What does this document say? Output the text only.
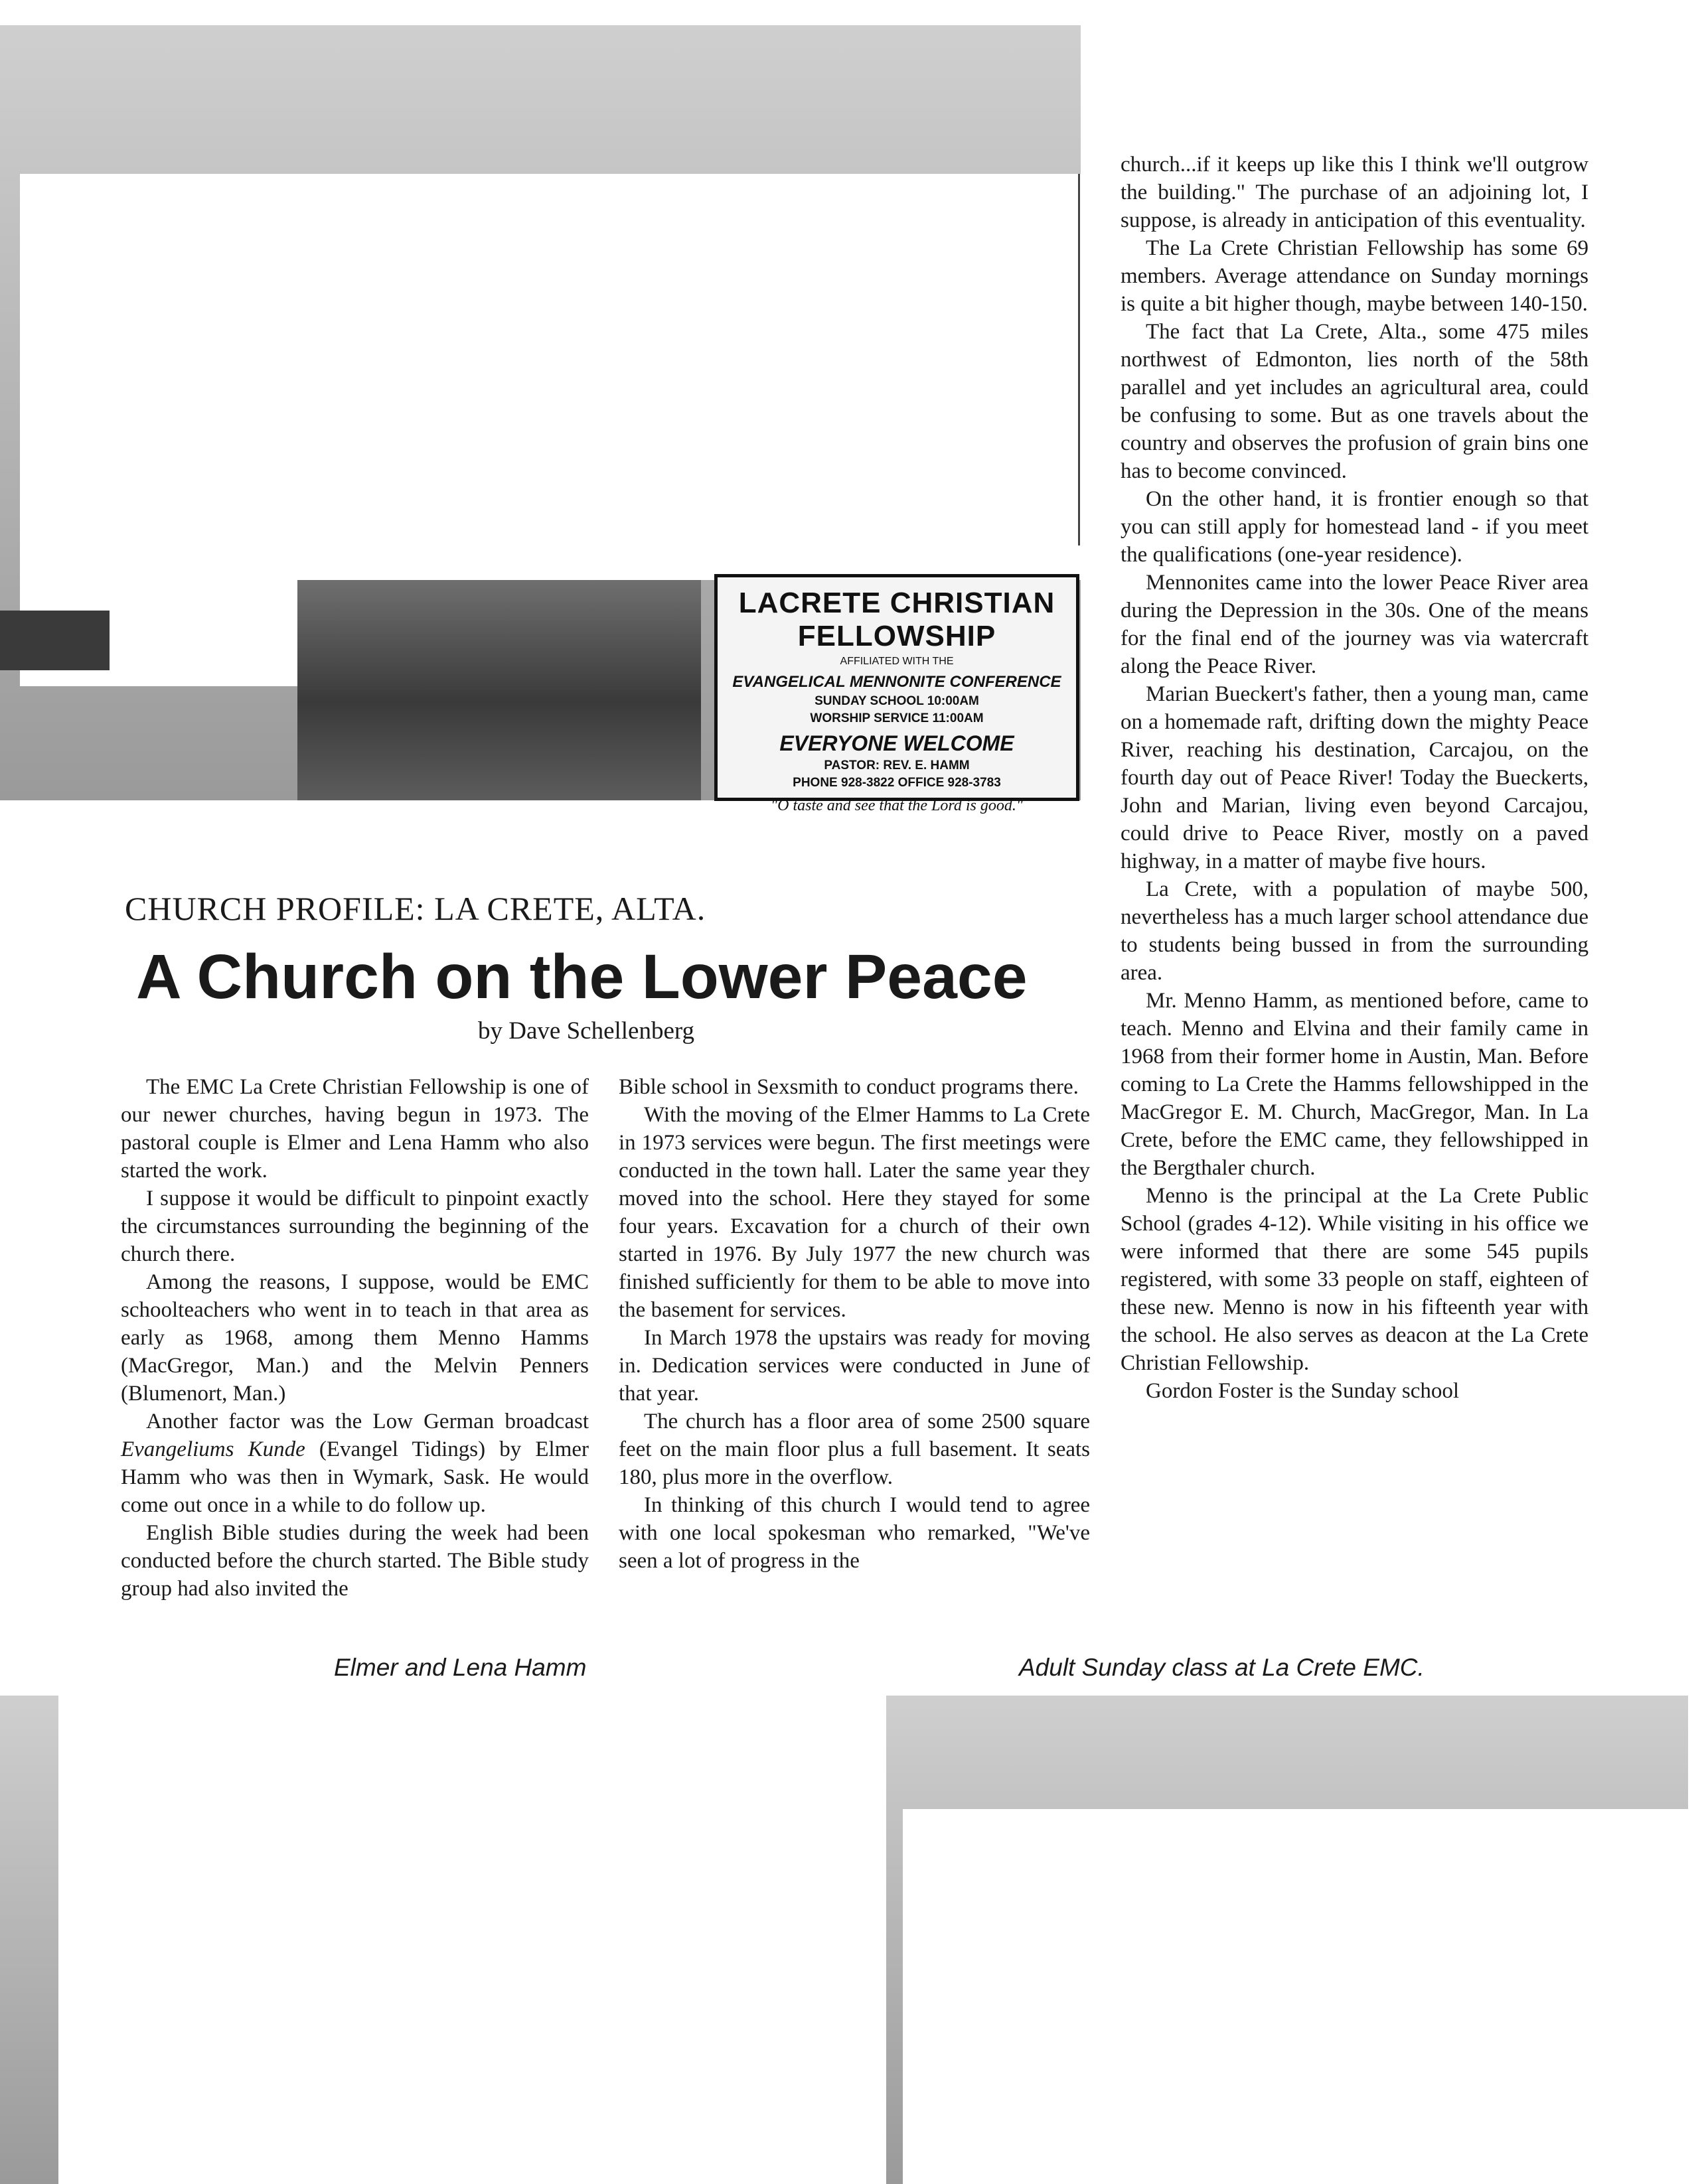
LACRETE CHRISTIAN FELLOWSHIP
AFFILIATED WITH THE
EVANGELICAL MENNONITE CONFERENCE
SUNDAY SCHOOL 10:00AM
WORSHIP SERVICE 11:00AM
EVERYONE WELCOME
PASTOR: REV. E. HAMM
PHONE 928-3822 OFFICE 928-3783
"O taste and see that the Lord is good."
CHURCH PROFILE: LA CRETE, ALTA.
A Church on the Lower Peace
by Dave Schellenberg

The EMC La Crete Christian Fellowship is one of our newer churches, having begun in 1973. The pastoral couple is Elmer and Lena Hamm who also started the work.

I suppose it would be difficult to pinpoint exactly the circumstances surrounding the beginning of the church there.

Among the reasons, I suppose, would be EMC schoolteachers who went in to teach in that area as early as 1968, among them Menno Hamms (MacGregor, Man.) and the Melvin Penners (Blumenort, Man.)

Another factor was the Low German broadcast Evangeliums Kunde (Evangel Tidings) by Elmer Hamm who was then in Wymark, Sask. He would come out once in a while to do follow up.

English Bible studies during the week had been conducted before the church started. The Bible study group had also invited the

Bible school in Sexsmith to conduct programs there.

With the moving of the Elmer Hamms to La Crete in 1973 services were begun. The first meetings were conducted in the town hall. Later the same year they moved into the school. Here they stayed for some four years. Excavation for a church of their own started in 1976. By July 1977 the new church was finished sufficiently for them to be able to move into the basement for services.

In March 1978 the upstairs was ready for moving in. Dedication services were conducted in June of that year.

The church has a floor area of some 2500 square feet on the main floor plus a full basement. It seats 180, plus more in the overflow.

In thinking of this church I would tend to agree with one local spokesman who remarked, "We've seen a lot of progress in the

church...if it keeps up like this I think we'll outgrow the building." The purchase of an adjoining lot, I suppose, is already in anticipation of this eventuality.

The La Crete Christian Fellowship has some 69 members. Average attendance on Sunday mornings is quite a bit higher though, maybe between 140-150.

The fact that La Crete, Alta., some 475 miles northwest of Edmonton, lies north of the 58th parallel and yet includes an agricultural area, could be confusing to some. But as one travels about the country and observes the profusion of grain bins one has to become convinced.

On the other hand, it is frontier enough so that you can still apply for homestead land - if you meet the qualifications (one-year residence).

Mennonites came into the lower Peace River area during the Depression in the 30s. One of the means for the final end of the journey was via watercraft along the Peace River.

Marian Bueckert's father, then a young man, came on a homemade raft, drifting down the mighty Peace River, reaching his destination, Carcajou, on the fourth day out of Peace River! Today the Bueckerts, John and Marian, living even beyond Carcajou, could drive to Peace River, mostly on a paved highway, in a matter of maybe five hours.

La Crete, with a population of maybe 500, nevertheless has a much larger school attendance due to students being bussed in from the surrounding area.

Mr. Menno Hamm, as mentioned before, came to teach. Menno and Elvina and their family came in 1968 from their former home in Austin, Man. Before coming to La Crete the Hamms fellowshipped in the MacGregor E. M. Church, MacGregor, Man. In La Crete, before the EMC came, they fellowshipped in the Bergthaler church.

Menno is the principal at the La Crete Public School (grades 4-12). While visiting in his office we were informed that there are some 545 pupils registered, with some 33 people on staff, eighteen of these new. Menno is now in his fifteenth year with the school. He also serves as deacon at the La Crete Christian Fellowship.

Gordon Foster is the Sunday school

Elmer and Lena Hamm	Adult Sunday class at La Crete EMC.
